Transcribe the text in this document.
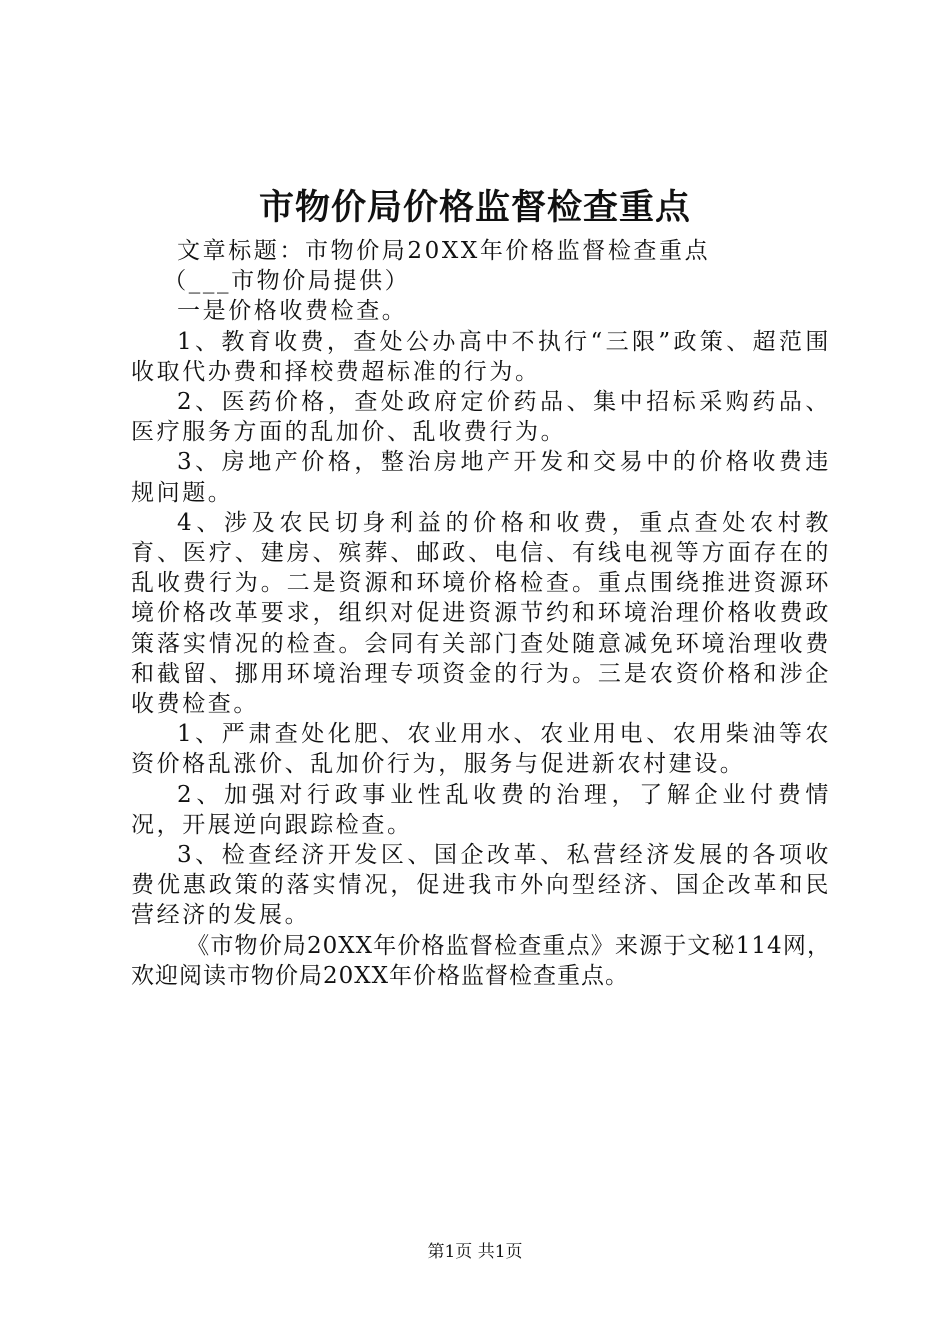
市物价局价格监督检查重点

文章标题：市物价局20XX年价格监督检查重点

（___市物价局提供）

一是价格收费检查。

1、教育收费，查处公办高中不执行“三限”政策、超范围收取代办费和择校费超标准的行为。

2、医药价格，查处政府定价药品、集中招标采购药品、医疗服务方面的乱加价、乱收费行为。

3、房地产价格，整治房地产开发和交易中的价格收费违规问题。

4、涉及农民切身利益的价格和收费，重点查处农村教育、医疗、建房、殡葬、邮政、电信、有线电视等方面存在的乱收费行为。二是资源和环境价格检查。重点围绕推进资源环境价格改革要求，组织对促进资源节约和环境治理价格收费政策落实情况的检查。会同有关部门查处随意减免环境治理收费和截留、挪用环境治理专项资金的行为。三是农资价格和涉企收费检查。

1、严肃查处化肥、农业用水、农业用电、农用柴油等农资价格乱涨价、乱加价行为，服务与促进新农村建设。

2、加强对行政事业性乱收费的治理，了解企业付费情况，开展逆向跟踪检查。

3、检查经济开发区、国企改革、私营经济发展的各项收费优惠政策的落实情况，促进我市外向型经济、国企改革和民营经济的发展。

《市物价局20XX年价格监督检查重点》来源于文秘114网，欢迎阅读市物价局20XX年价格监督检查重点。

第1页 共1页
